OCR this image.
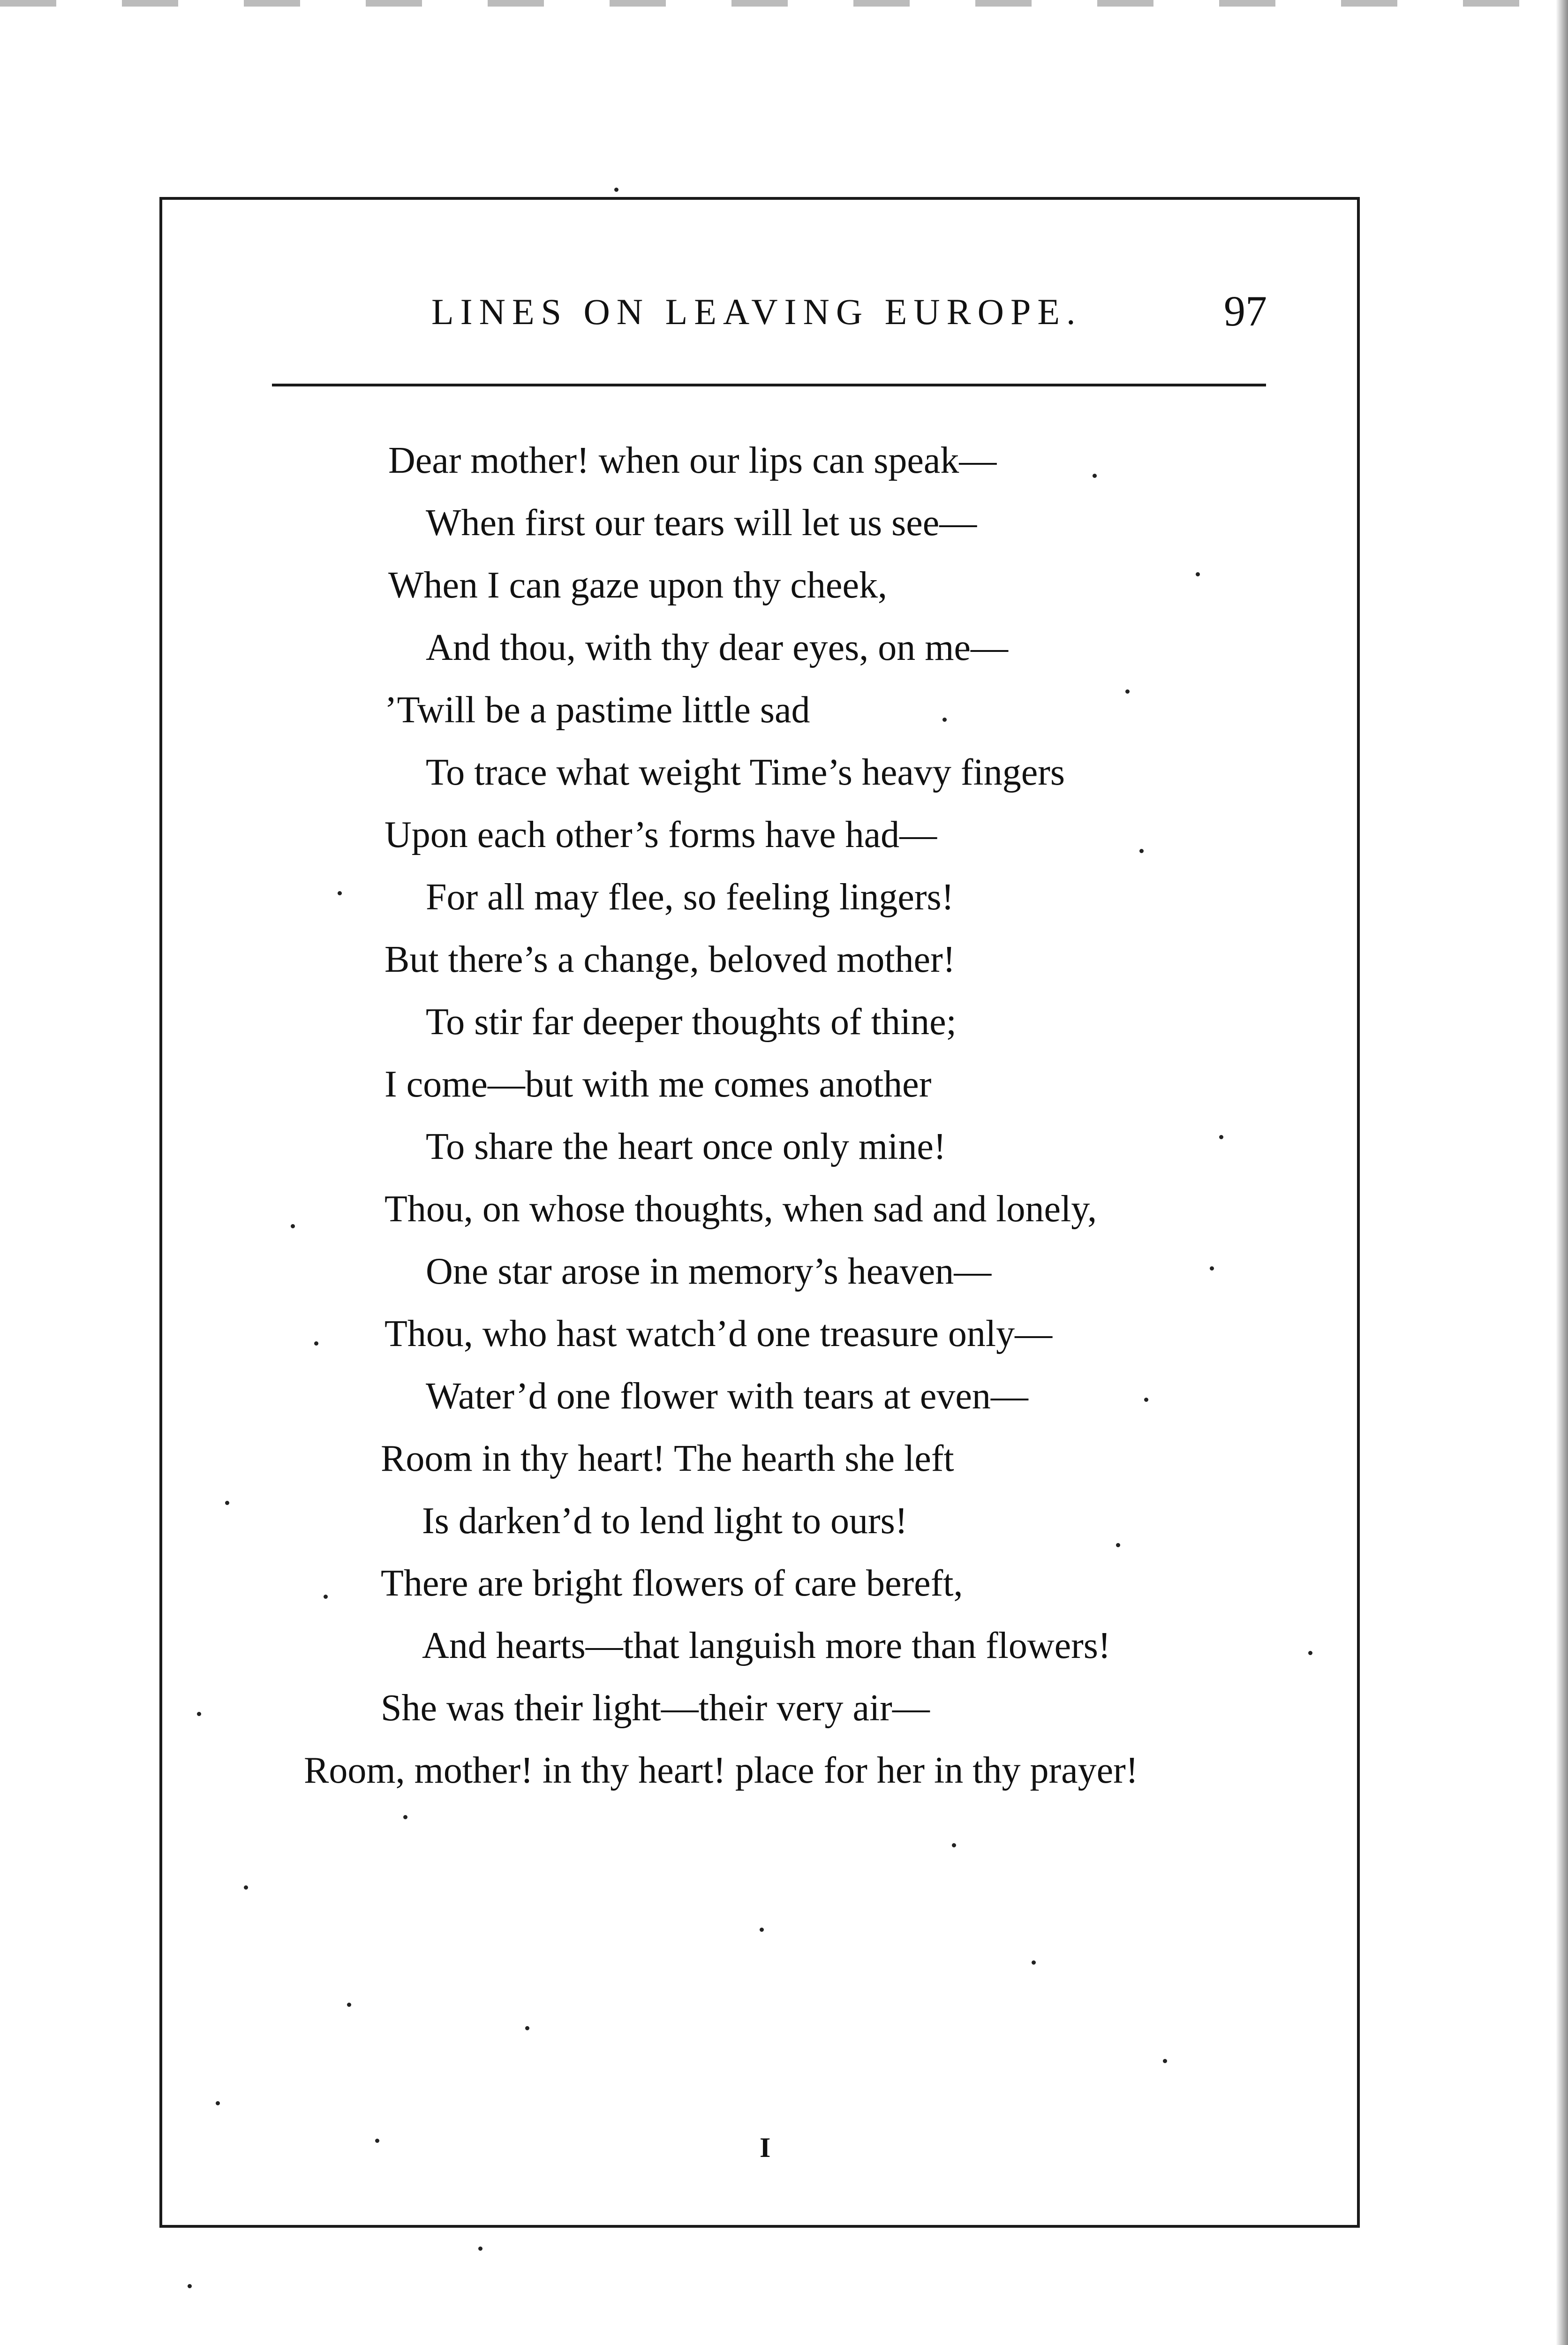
LINES ON LEAVING EUROPE.	97
Dear mother! when our lips can speak—
When first our tears will let us see—
When I can gaze upon thy cheek,
And thou, with thy dear eyes, on me—
’Twill be a pastime little sad
To trace what weight Time’s heavy fingers
Upon each other’s forms have had—
For all may flee, so feeling lingers!
But there’s a change, beloved mother!
To stir far deeper thoughts of thine;
I come—but with me comes another
To share the heart once only mine!
Thou, on whose thoughts, when sad and lonely,
One star arose in memory’s heaven—
Thou, who hast watch’d one treasure only—
Water’d one flower with tears at even—
Room in thy heart! The hearth she left
Is darken’d to lend light to ours!
There are bright flowers of care bereft,
And hearts—that languish more than flowers!
She was their light—their very air—
Room, mother! in thy heart! place for her in thy prayer!
I
